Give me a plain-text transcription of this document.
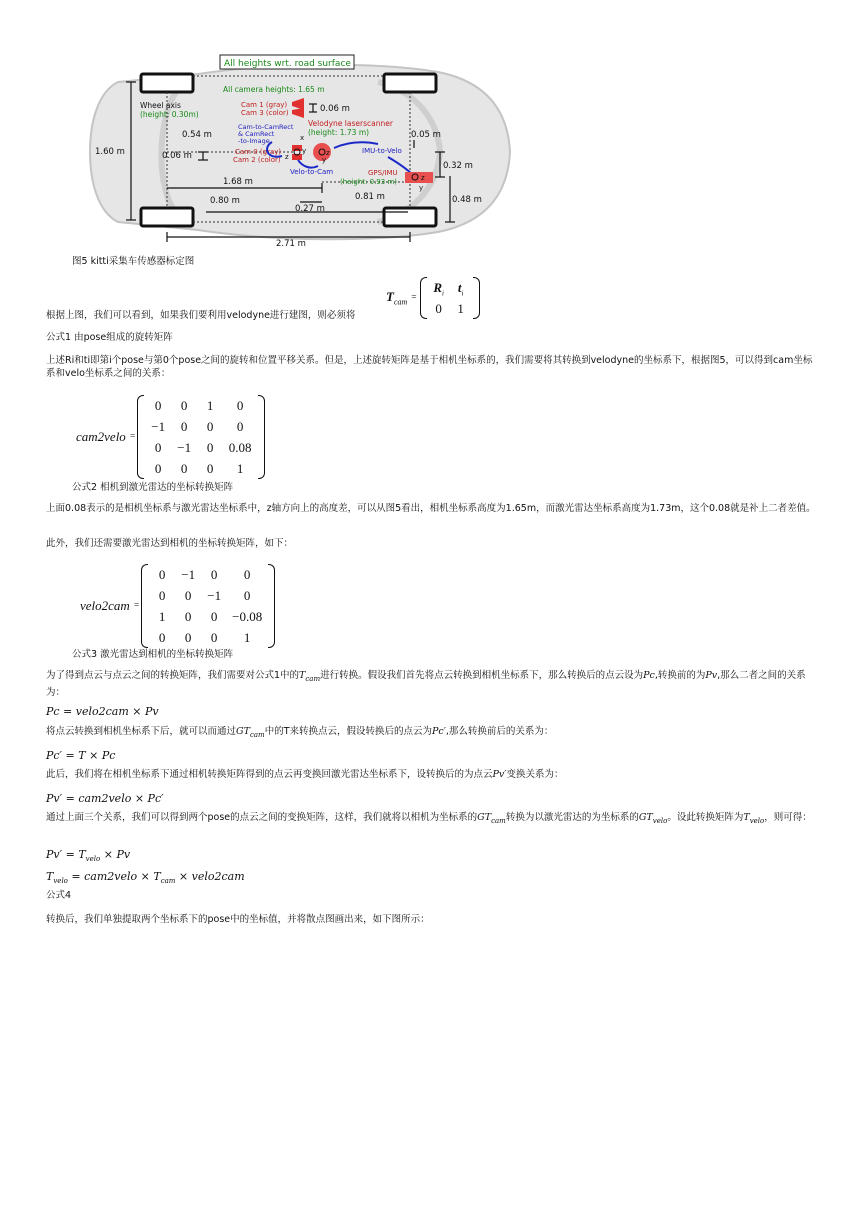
All heights wrt. road surface
All camera heights: 1.65 m
Cam 1 (gray)
Cam 3 (color)	0.06 m
Wheel axis
(height: 0.30m)
Cam-to-CamRect
& CamRect
-to-Image
Velodyne laserscanner
(height: 1.73 m)
0.54 m	0.05 m
Cam 0 (gray)
Cam 2 (color)
0.06 m
1.60 m	IMU-to-Velo
Velo-to-Cam
x
y
z	z
y
z
y
GPS/IMU
(height: 0.93 m)
0.32 m
1.68 m
0.81 m
0.80 m	0.48 m
0.27 m
2.71 m
图5 kitti采集车传感器标定图
$T_{cam}$ =
$R_i$	$t_i$
0	1
根据上图，我们可以看到，如果我们要利用velodyne进行建图，则必须将
公式1 由pose组成的旋转矩阵
上述Ri和ti即第i个pose与第0个pose之间的旋转和位置平移关系。但是，上述旋转矩阵是基于相机坐标系的，我们需要将其转换到velodyne的坐标系下，根据图5，可以得到cam坐标系和velo坐标系之间的关系：
cam2velo =
0	0	1	0
−1	0	0	0
0	−1	0	0.08
0	0	0	1
公式2 相机到激光雷达的坐标转换矩阵
上面0.08表示的是相机坐标系与激光雷达坐标系中，z轴方向上的高度差，可以从图5看出，相机坐标系高度为1.65m，而激光雷达坐标系高度为1.73m，这个0.08就是补上二者差值。
此外，我们还需要激光雷达到相机的坐标转换矩阵，如下：
velo2cam =
0	−1	0	0
0	0	−1	0
1	0	0	−0.08
0	0	0	1
公式3 激光雷达到相机的坐标转换矩阵
为了得到点云与点云之间的转换矩阵，我们需要对公式1中的$T_{cam}$进行转换。假设我们首先将点云转换到相机坐标系下，那么转换后的点云设为Pc,转换前的为Pv,那么二者之间的关系为：
Pc = velo2cam × Pv
将点云转换到相机坐标系下后，就可以而通过$GT_{cam}$中的T来转换点云，假设转换后的点云为Pc′,那么转换前后的关系为：
Pc′ = T × Pc
此后，我们将在相机坐标系下通过相机转换矩阵得到的点云再变换回激光雷达坐标系下，设转换后的为点云Pv′变换关系为：
Pv′ = cam2velo × Pc′
通过上面三个关系，我们可以得到两个pose的点云之间的变换矩阵，这样，我们就将以相机为坐标系的$GT_{cam}$转换为以激光雷达的为坐标系的$GT_{velo}$。设此转换矩阵为$T_{velo}$，则可得：
$Pv' = T_{velo} \times Pv$
$T_{velo}$ = cam2velo × $T_{cam}$ × velo2cam
公式4
转换后，我们单独提取两个坐标系下的pose中的坐标值，并将散点图画出来，如下图所示：
